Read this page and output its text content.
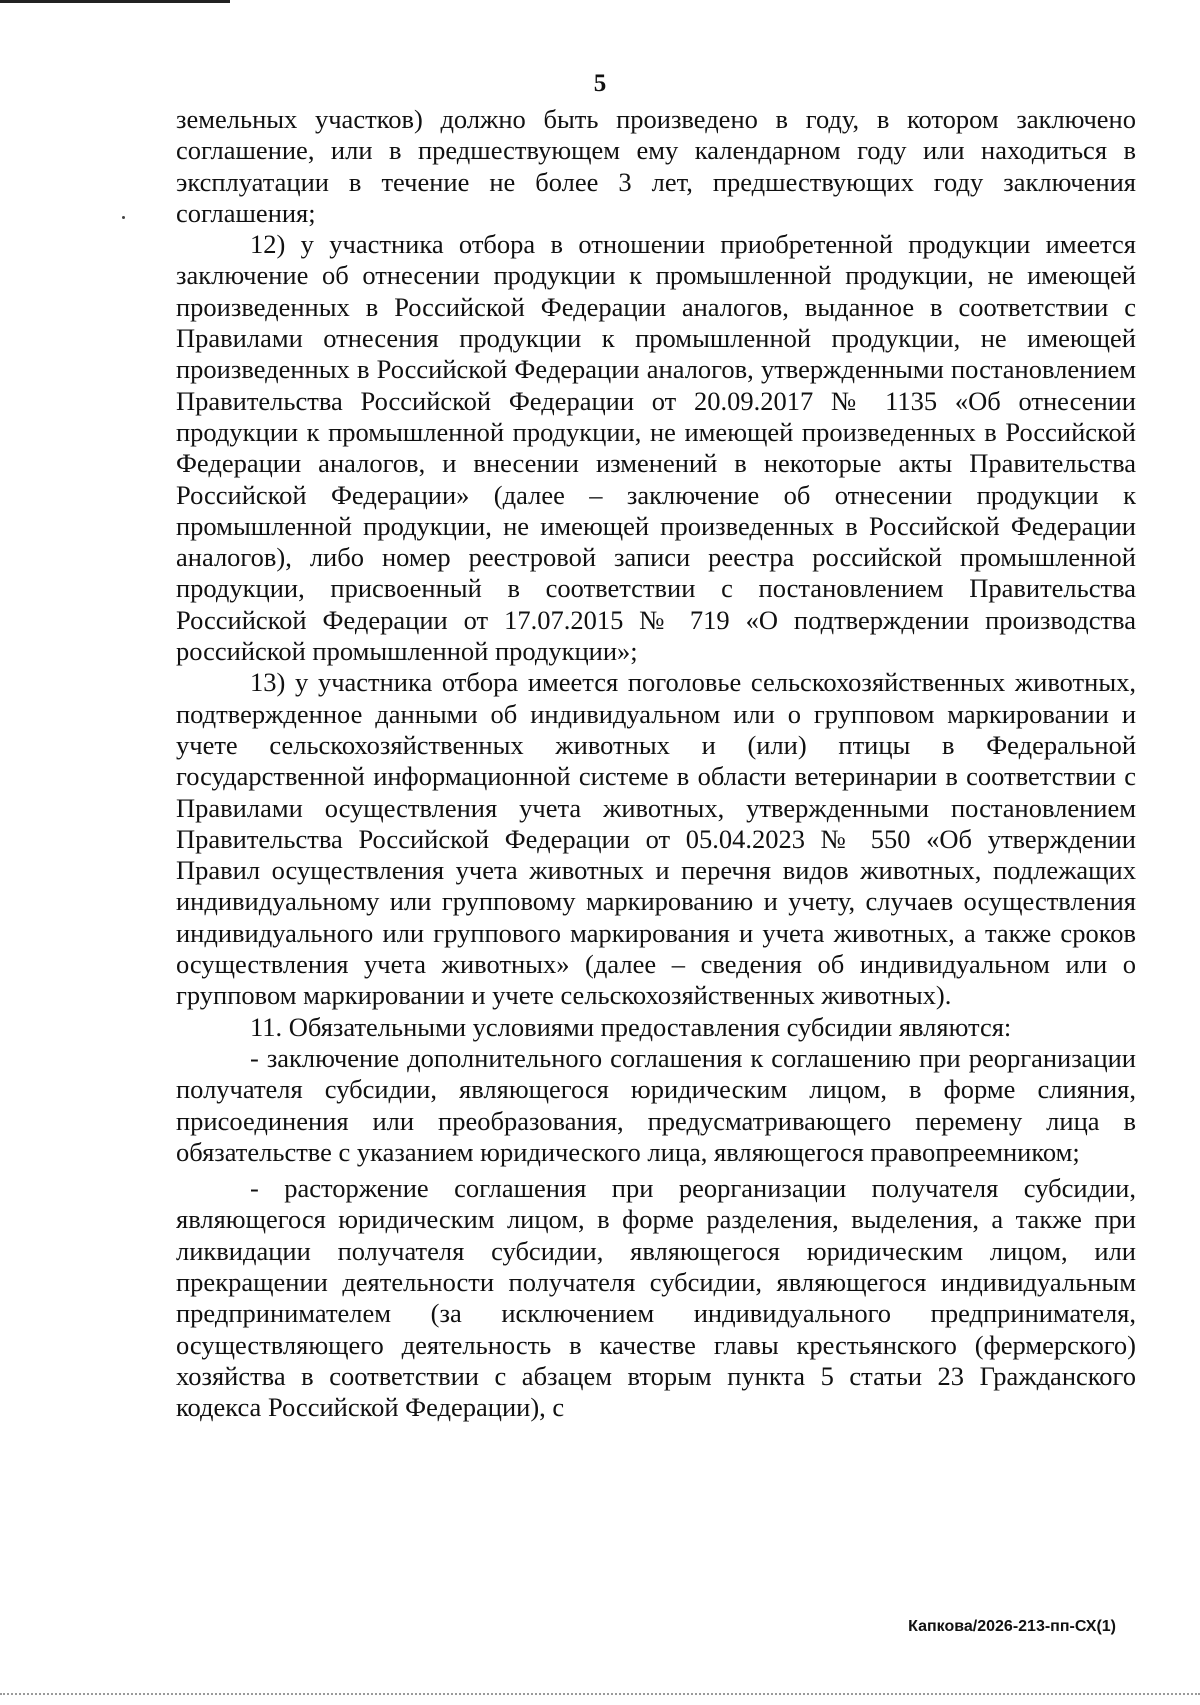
5

земельных участков) должно быть произведено в году, в котором заключено соглашение, или в предшествующем ему календарном году или находиться в эксплуатации в течение не более 3 лет, предшествующих году заключения соглашения;

12) у участника отбора в отношении приобретенной продукции имеется заключение об отнесении продукции к промышленной продукции, не имеющей произведенных в Российской Федерации аналогов, выданное в соответствии с Правилами отнесения продукции к промышленной продукции, не имеющей произведенных в Российской Федерации аналогов, утвержденными постановлением Правительства Российской Федерации от 20.09.2017 № 1135 «Об отнесении продукции к промышленной продукции, не имеющей произведенных в Российской Федерации аналогов, и внесении изменений в некоторые акты Правительства Российской Федерации» (далее – заключение об отнесении продукции к промышленной продукции, не имеющей произведенных в Российской Федерации аналогов), либо номер реестровой записи реестра российской промышленной продукции, присвоенный в соответствии с постановлением Правительства Российской Федерации от 17.07.2015 № 719 «О подтверждении производства российской промышленной продукции»;

13) у участника отбора имеется поголовье сельскохозяйственных животных, подтвержденное данными об индивидуальном или о групповом маркировании и учете сельскохозяйственных животных и (или) птицы в Федеральной государственной информационной системе в области ветеринарии в соответствии с Правилами осуществления учета животных, утвержденными постановлением Правительства Российской Федерации от 05.04.2023 № 550 «Об утверждении Правил осуществления учета животных и перечня видов животных, подлежащих индивидуальному или групповому маркированию и учету, случаев осуществления индивидуального или группового маркирования и учета животных, а также сроков осуществления учета животных» (далее – сведения об индивидуальном или о групповом маркировании и учете сельскохозяйственных животных).

11. Обязательными условиями предоставления субсидии являются:

- заключение дополнительного соглашения к соглашению при реорганизации получателя субсидии, являющегося юридическим лицом, в форме слияния, присоединения или преобразования, предусматривающего перемену лица в обязательстве с указанием юридического лица, являющегося правопреемником;

- расторжение соглашения при реорганизации получателя субсидии, являющегося юридическим лицом, в форме разделения, выделения, а также при ликвидации получателя субсидии, являющегося юридическим лицом, или прекращении деятельности получателя субсидии, являющегося индивидуальным предпринимателем (за исключением индивидуального предпринимателя, осуществляющего деятельность в качестве главы крестьянского (фермерского) хозяйства в соответствии с абзацем вторым пункта 5 статьи 23 Гражданского кодекса Российской Федерации), с

Капкова/2026-213-пп-СХ(1)
